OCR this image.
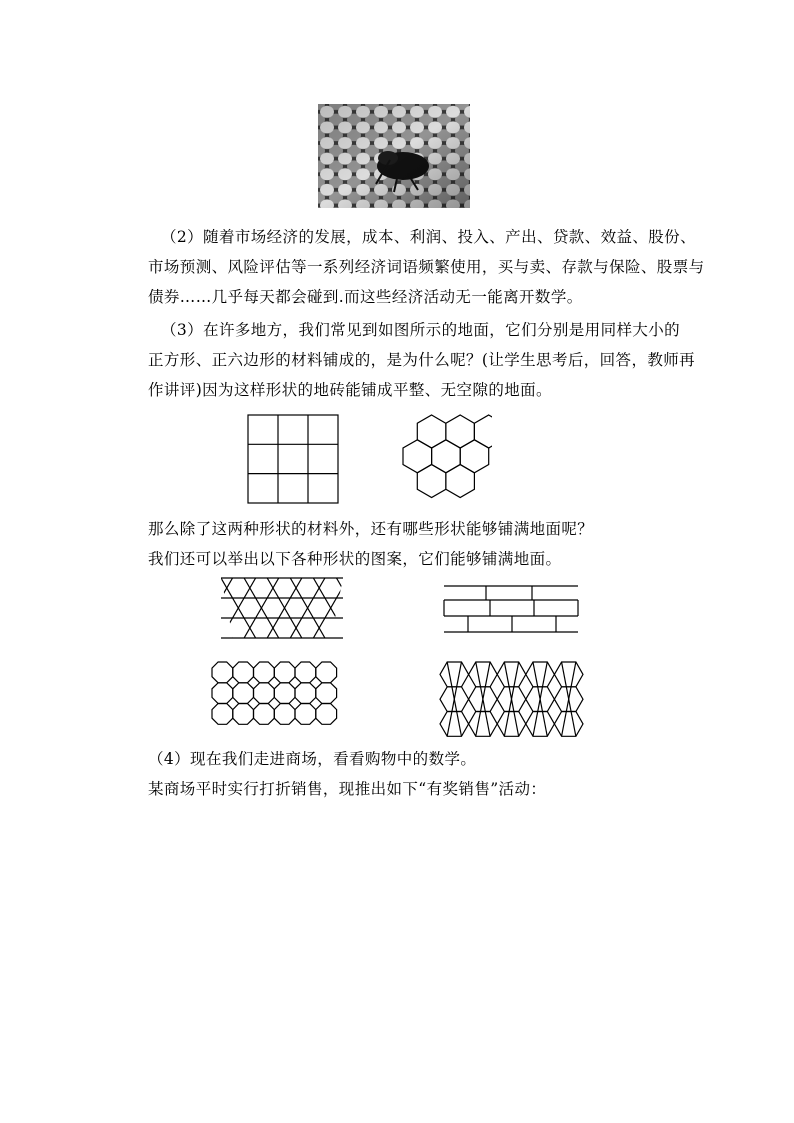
（2）随着市场经济的发展，成本、利润、投入、产出、贷款、效益、股份、
市场预测、风险评估等一系列经济词语频繁使用，买与卖、存款与保险、股票与
债券……几乎每天都会碰到.而这些经济活动无一能离开数学。

（3）在许多地方，我们常见到如图所示的地面，它们分别是用同样大小的
正方形、正六边形的材料铺成的，是为什么呢？(让学生思考后，回答，教师再
作讲评)因为这样形状的地砖能铺成平整、无空隙的地面。

那么除了这两种形状的材料外，还有哪些形状能够铺满地面呢？

我们还可以举出以下各种形状的图案，它们能够铺满地面。

（4）现在我们走进商场，看看购物中的数学。

某商场平时实行打折销售，现推出如下“有奖销售”活动：
